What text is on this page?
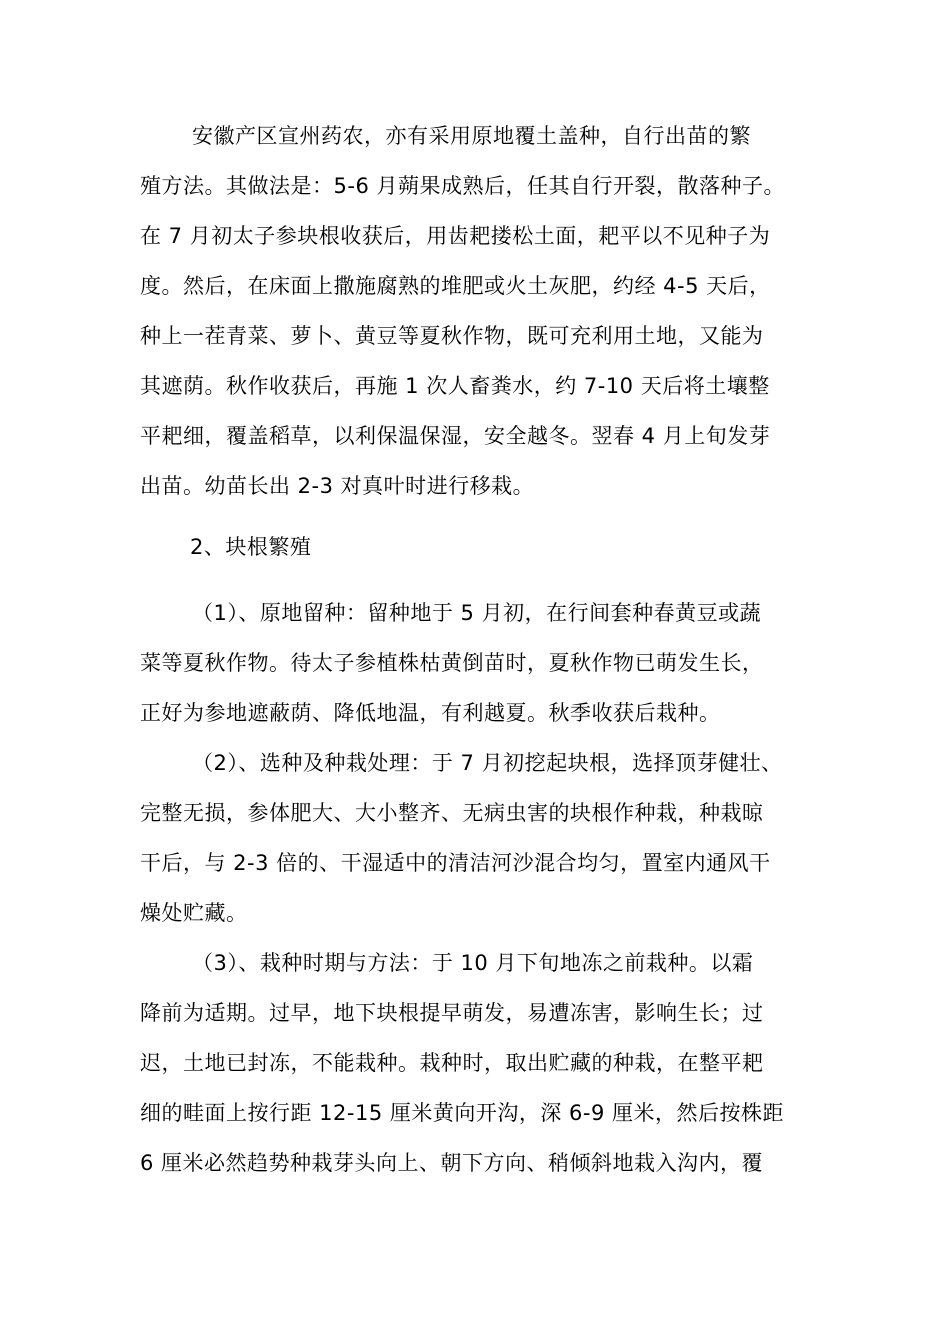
安徽产区宣州药农，亦有采用原地覆土盖种，自行出苗的繁
殖方法。其做法是：5-6 月蒴果成熟后，任其自行开裂，散落种子。
在 7 月初太子参块根收获后，用齿耙搂松土面，耙平以不见种子为
度。然后，在床面上撒施腐熟的堆肥或火土灰肥，约经 4-5 天后，
种上一茬青菜、萝卜、黄豆等夏秋作物，既可充利用土地，又能为
其遮荫。秋作收获后，再施 1 次人畜粪水，约 7-10 天后将土壤整
平耙细，覆盖稻草，以利保温保湿，安全越冬。翌春 4 月上旬发芽
出苗。幼苗长出 2-3 对真叶时进行移栽。
2、块根繁殖
（1）、原地留种：留种地于 5 月初，在行间套种春黄豆或蔬
菜等夏秋作物。待太子参植株枯黄倒苗时，夏秋作物已萌发生长，
正好为参地遮蔽荫、降低地温，有利越夏。秋季收获后栽种。
（2）、选种及种栽处理：于 7 月初挖起块根，选择顶芽健壮、
完整无损，参体肥大、大小整齐、无病虫害的块根作种栽，种栽晾
干后，与 2-3 倍的、干湿适中的清洁河沙混合均匀，置室内通风干
燥处贮藏。
（3）、栽种时期与方法：于 10 月下旬地冻之前栽种。以霜
降前为适期。过早，地下块根提早萌发，易遭冻害，影响生长；过
迟，土地已封冻，不能栽种。栽种时，取出贮藏的种栽，在整平耙
细的畦面上按行距 12-15 厘米黄向开沟，深 6-9 厘米，然后按株距
6 厘米必然趋势种栽芽头向上、朝下方向、稍倾斜地栽入沟内，覆
